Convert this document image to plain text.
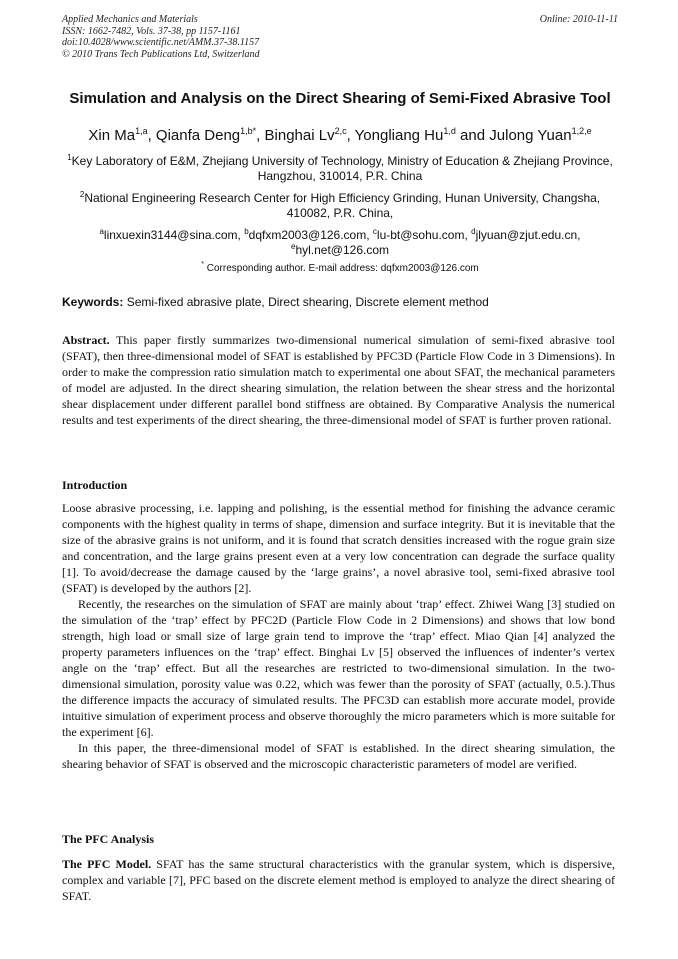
Applied Mechanics and Materials
ISSN: 1662-7482, Vols. 37-38, pp 1157-1161
doi:10.4028/www.scientific.net/AMM.37-38.1157
© 2010 Trans Tech Publications Ltd, Switzerland
Online: 2010-11-11
Simulation and Analysis on the Direct Shearing of Semi-Fixed Abrasive Tool
Xin Ma$^{1,a}$, Qianfa Deng$^{1,b*}$, Binghai Lv$^{2,c}$, Yongliang Hu$^{1,d}$ and Julong Yuan$^{1,2,e}$
$^1$Key Laboratory of E&M, Zhejiang University of Technology, Ministry of Education & Zhejiang Province, Hangzhou, 310014, P.R. China
$^2$National Engineering Research Center for High Efficiency Grinding, Hunan University, Changsha, 410082, P.R. China,
$^a$linxuexin3144@sina.com, $^b$dqfxm2003@126.com, $^c$lu-bt@sohu.com, $^d$jlyuan@zjut.edu.cn, $^e$hyl.net@126.com
* Corresponding author. E-mail address: dqfxm2003@126.com
Keywords: Semi-fixed abrasive plate, Direct shearing, Discrete element method
Abstract. This paper firstly summarizes two-dimensional numerical simulation of semi-fixed abrasive tool (SFAT), then three-dimensional model of SFAT is established by PFC3D (Particle Flow Code in 3 Dimensions). In order to make the compression ratio simulation match to experimental one about SFAT, the mechanical parameters of model are adjusted. In the direct shearing simulation, the relation between the shear stress and the horizontal shear displacement under different parallel bond stiffness are obtained. By Comparative Analysis the numerical results and test experiments of the direct shearing, the three-dimensional model of SFAT is further proven rational.
Introduction

Loose abrasive processing, i.e. lapping and polishing, is the essential method for finishing the advance ceramic components with the highest quality in terms of shape, dimension and surface integrity. But it is inevitable that the size of the abrasive grains is not uniform, and it is found that scratch densities increased with the rogue grain size and concentration, and the large grains present even at a very low concentration can degrade the surface quality [1]. To avoid/decrease the damage caused by the ‘large grains’, a novel abrasive tool, semi-fixed abrasive tool (SFAT) is developed by the authors [2].

Recently, the researches on the simulation of SFAT are mainly about ‘trap’ effect. Zhiwei Wang [3] studied on the simulation of the ‘trap’ effect by PFC2D (Particle Flow Code in 2 Dimensions) and shows that low bond strength, high load or small size of large grain tend to improve the ‘trap’ effect. Miao Qian [4] analyzed the property parameters influences on the ‘trap’ effect. Binghai Lv [5] observed the influences of indenter’s vertex angle on the ‘trap’ effect. But all the researches are restricted to two-dimensional simulation. In the two-dimensional simulation, porosity value was 0.22, which was fewer than the porosity of SFAT (actually, 0.5.).Thus the difference impacts the accuracy of simulated results. The PFC3D can establish more accurate model, provide intuitive simulation of experiment process and observe thoroughly the micro parameters which is more suitable for the experiment [6].

In this paper, the three-dimensional model of SFAT is established. In the direct shearing simulation, the shearing behavior of SFAT is observed and the microscopic characteristic parameters of model are verified.

The PFC Analysis
The PFC Model. SFAT has the same structural characteristics with the granular system, which is dispersive, complex and variable [7], PFC based on the discrete element method is employed to analyze the direct shearing of SFAT.
